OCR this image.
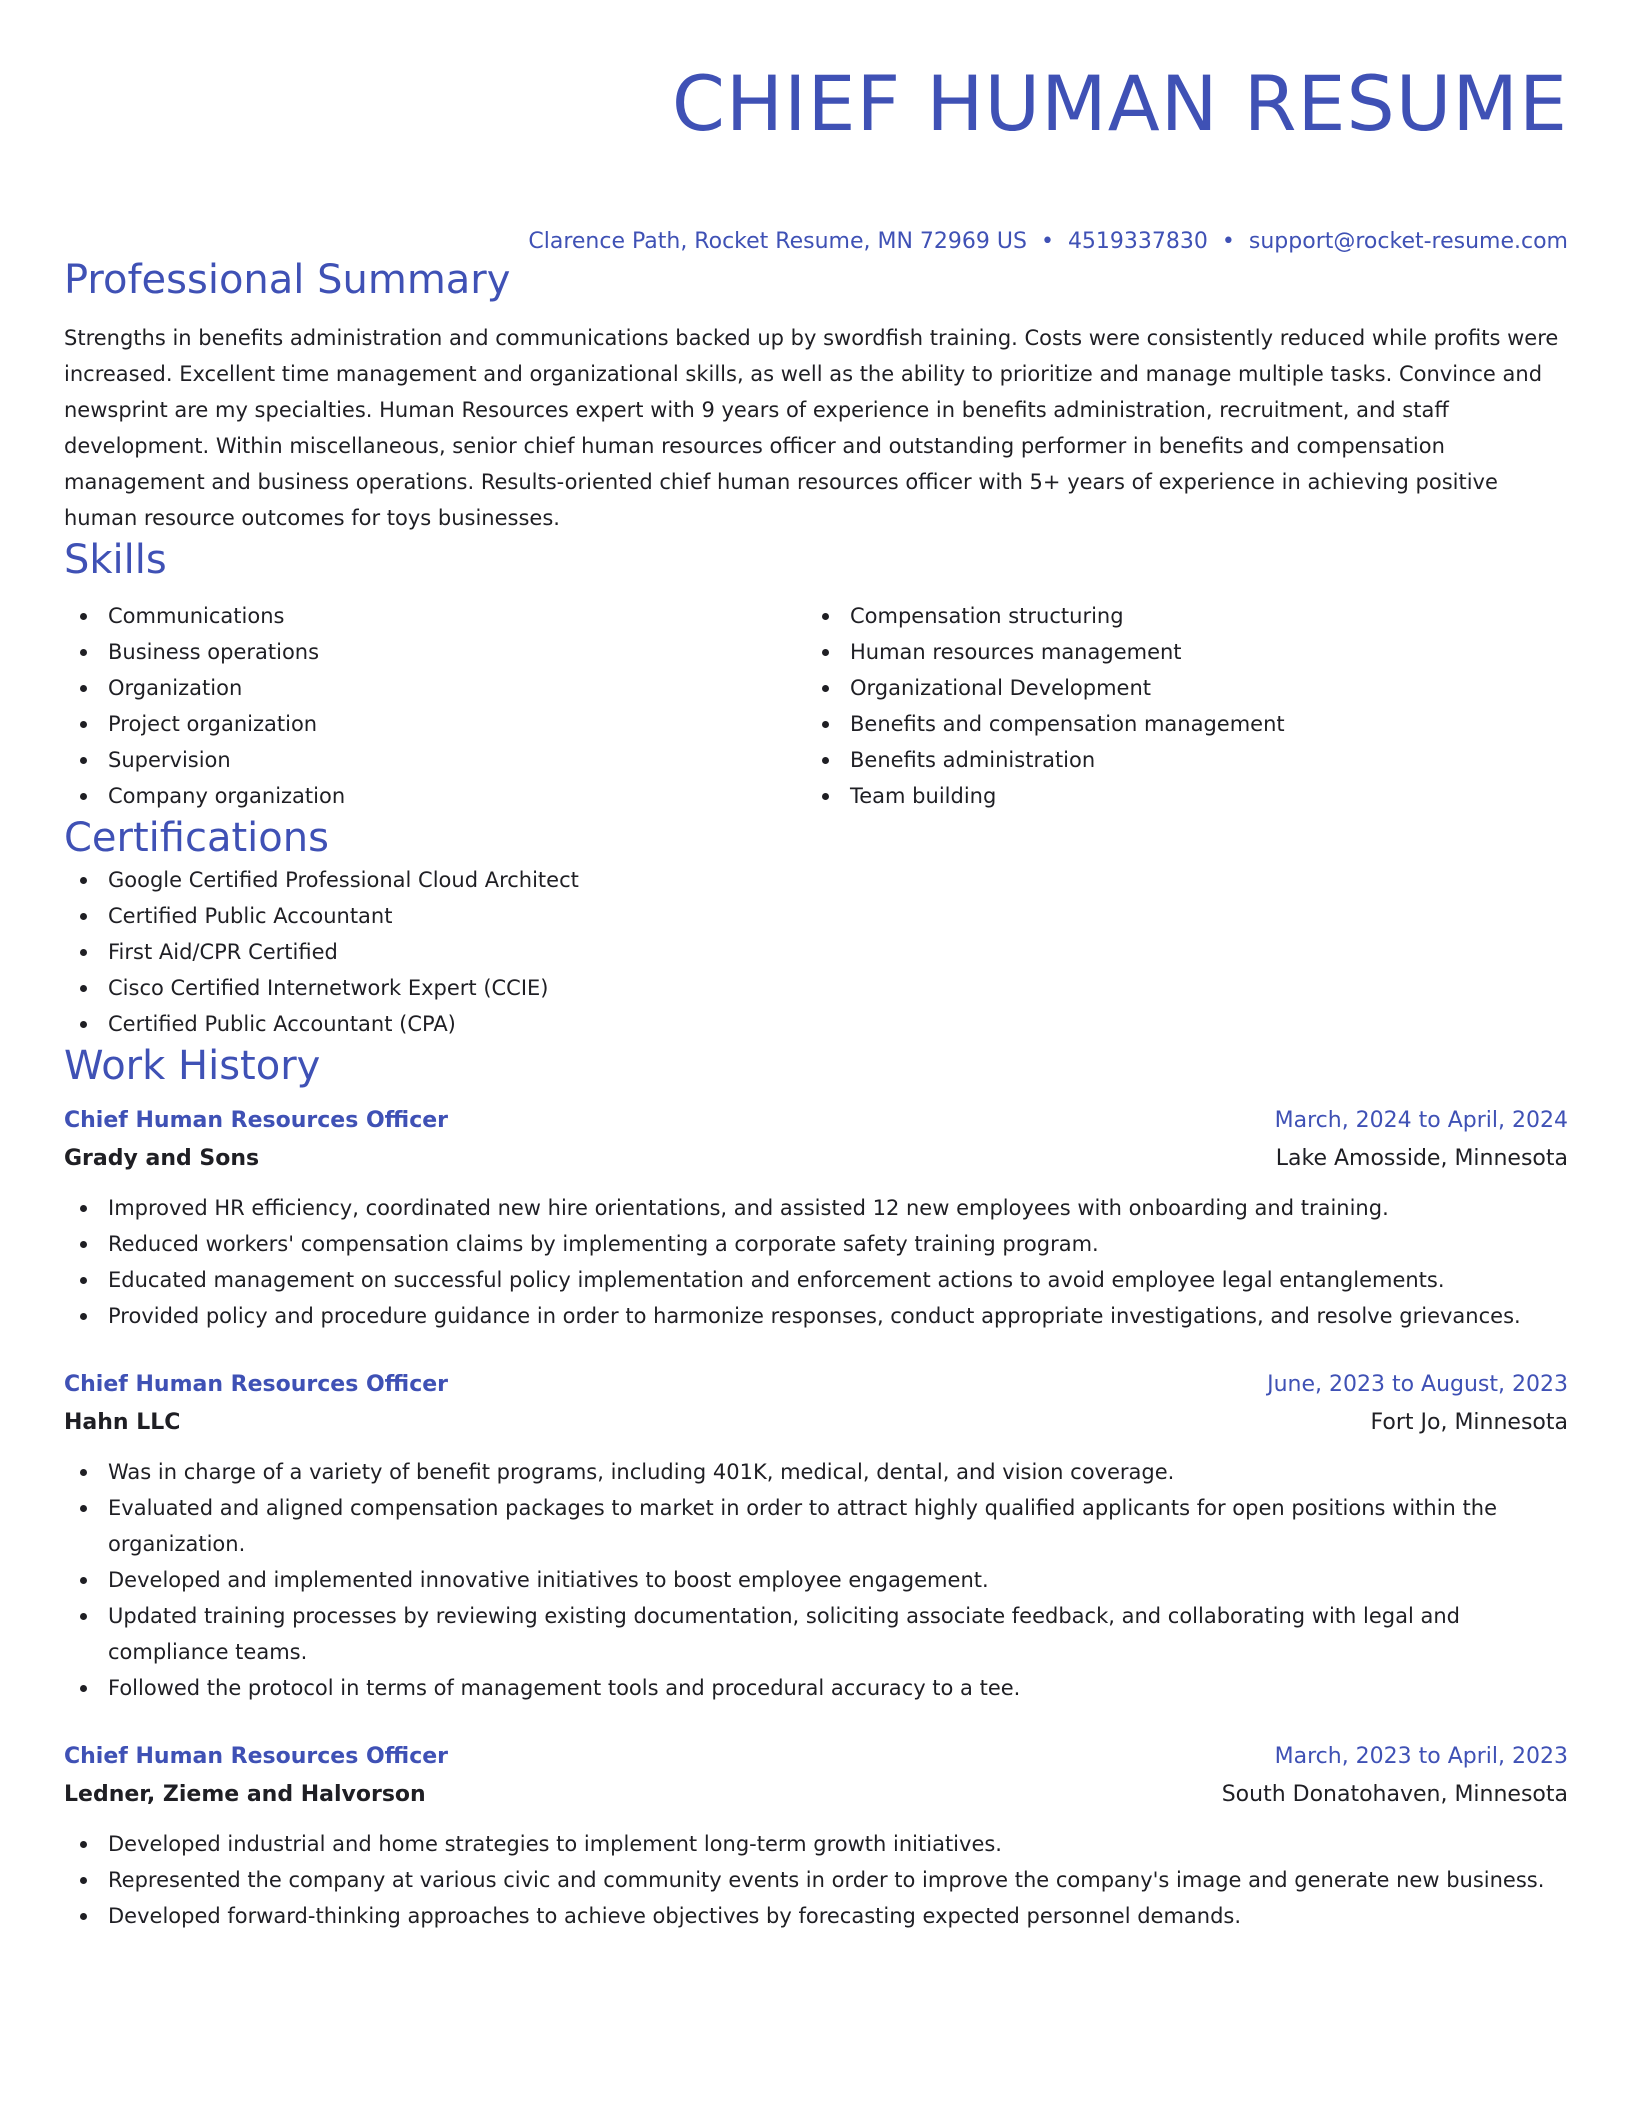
CHIEF HUMAN RESUME
Clarence Path, Rocket Resume, MN 72969 US • 4519337830 • support@rocket-resume.com
Professional Summary
Strengths in benefits administration and communications backed up by swordfish training. Costs were consistently reduced while profits were increased. Excellent time management and organizational skills, as well as the ability to prioritize and manage multiple tasks. Convince and newsprint are my specialties. Human Resources expert with 9 years of experience in benefits administration, recruitment, and staff development. Within miscellaneous, senior chief human resources officer and outstanding performer in benefits and compensation management and business operations. Results-oriented chief human resources officer with 5+ years of experience in achieving positive human resource outcomes for toys businesses.
Skills
Communications
Business operations
Organization
Project organization
Supervision
Company organization
Compensation structuring
Human resources management
Organizational Development
Benefits and compensation management
Benefits administration
Team building
Certifications
Google Certified Professional Cloud Architect
Certified Public Accountant
First Aid/CPR Certified
Cisco Certified Internetwork Expert (CCIE)
Certified Public Accountant (CPA)
Work History
Chief Human Resources Officer	March, 2024 to April, 2024
Grady and Sons	Lake Amosside, Minnesota
Improved HR efficiency, coordinated new hire orientations, and assisted 12 new employees with onboarding and training.
Reduced workers' compensation claims by implementing a corporate safety training program.
Educated management on successful policy implementation and enforcement actions to avoid employee legal entanglements.
Provided policy and procedure guidance in order to harmonize responses, conduct appropriate investigations, and resolve grievances.
Chief Human Resources Officer	June, 2023 to August, 2023
Hahn LLC	Fort Jo, Minnesota
Was in charge of a variety of benefit programs, including 401K, medical, dental, and vision coverage.
Evaluated and aligned compensation packages to market in order to attract highly qualified applicants for open positions within the organization.
Developed and implemented innovative initiatives to boost employee engagement.
Updated training processes by reviewing existing documentation, soliciting associate feedback, and collaborating with legal and compliance teams.
Followed the protocol in terms of management tools and procedural accuracy to a tee.
Chief Human Resources Officer	March, 2023 to April, 2023
Ledner, Zieme and Halvorson	South Donatohaven, Minnesota
Developed industrial and home strategies to implement long-term growth initiatives.
Represented the company at various civic and community events in order to improve the company's image and generate new business.
Developed forward-thinking approaches to achieve objectives by forecasting expected personnel demands.
